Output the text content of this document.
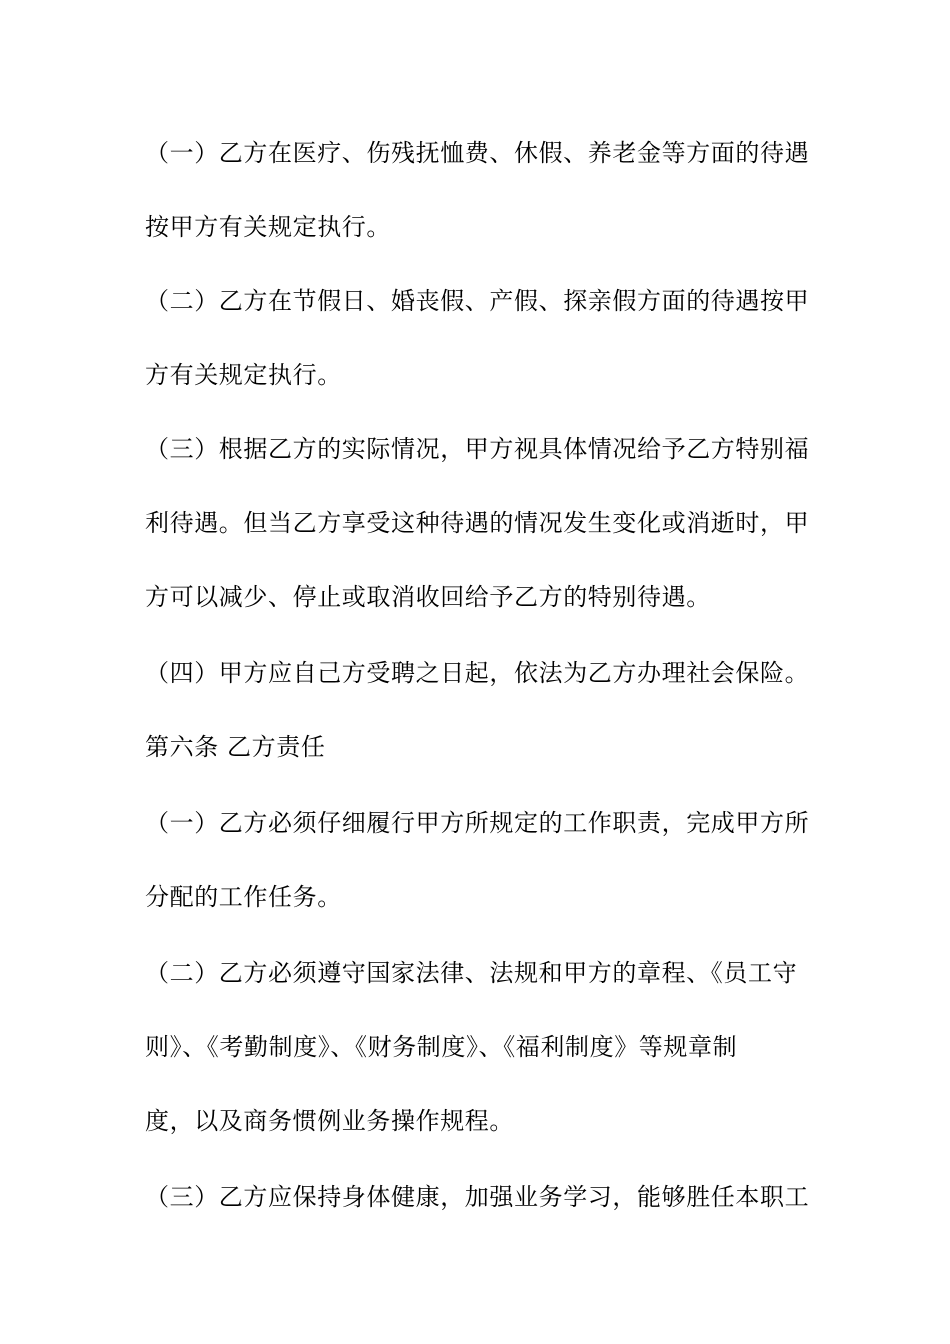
（一）乙方在医疗、伤残抚恤费、休假、养老金等方面的待遇
按甲方有关规定执行。
（二）乙方在节假日、婚丧假、产假、探亲假方面的待遇按甲
方有关规定执行。
（三）根据乙方的实际情况，甲方视具体情况给予乙方特别福
利待遇。但当乙方享受这种待遇的情况发生变化或消逝时，甲
方可以减少、停止或取消收回给予乙方的特别待遇。
（四）甲方应自己方受聘之日起，依法为乙方办理社会保险。
第六条 乙方责任
（一）乙方必须仔细履行甲方所规定的工作职责，完成甲方所
分配的工作任务。
（二）乙方必须遵守国家法律、法规和甲方的章程、《员工守
则》、《考勤制度》、《财务制度》、《福利制度》等规章制
度，以及商务惯例业务操作规程。
（三）乙方应保持身体健康，加强业务学习，能够胜任本职工
